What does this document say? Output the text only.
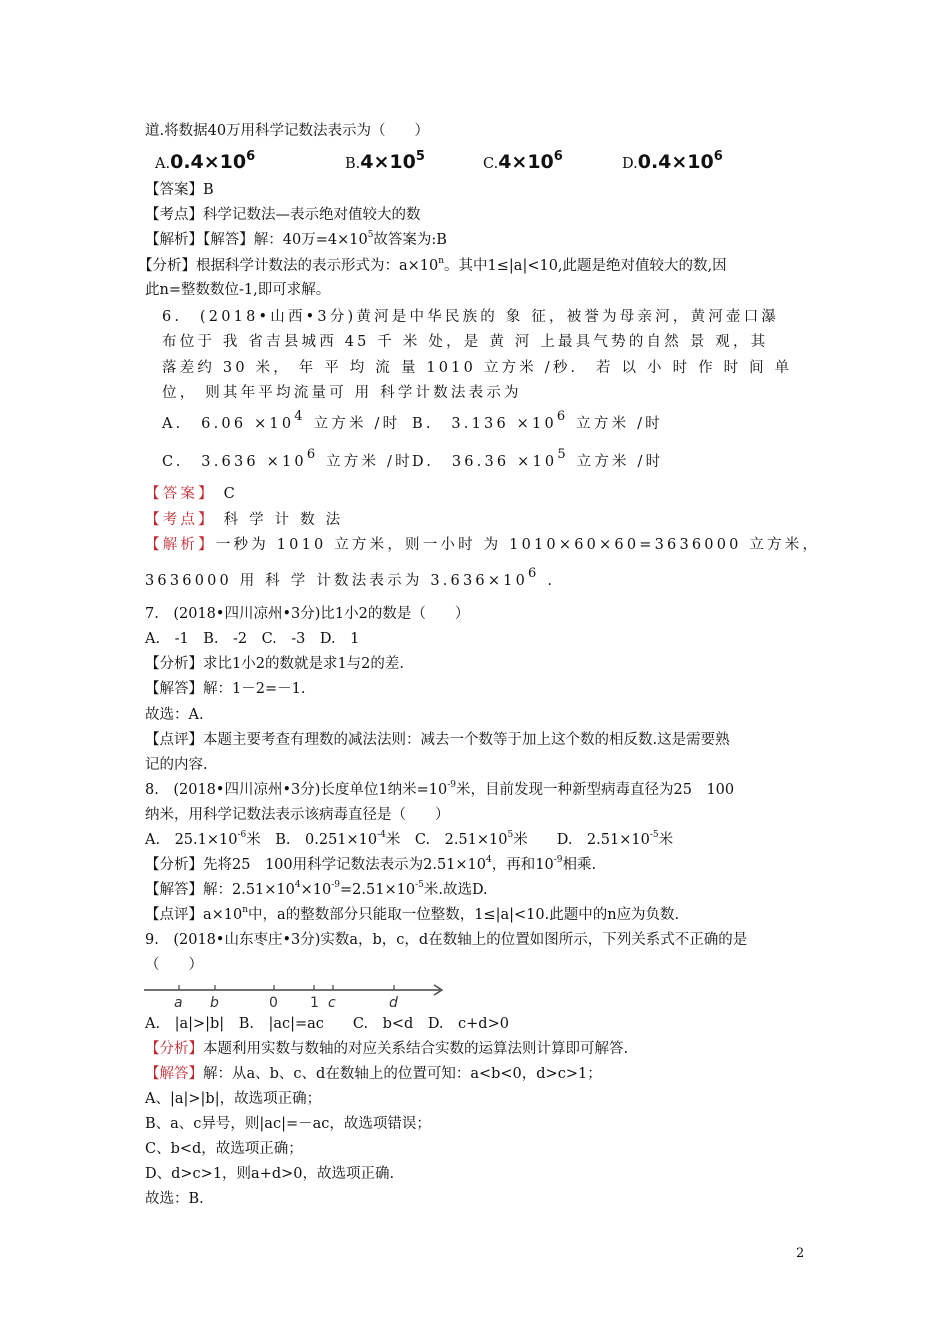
道.将数据40万用科学记数法表示为（　　）
$A.0.4\times 10^6$	$B.4\times 10^5$	$C.4\times 10^6$	$D.0.4\times 10^6$
【答案】B
【考点】科学记数法—表示绝对值较大的数
【解析】【解答】解：40万$=4\times 10^5$故答案为:B
【分析】根据科学计数法的表示形式为：$a\times 10^n$。其中1≤|a|<10,此题是绝对值较大的数,因
此n=整数数位-1,即可求解。
6.　(2018•山西•3分)黄河是中华民族的 象 征，被誉为母亲河，黄河壶口瀑
布位于 我 省吉县城西 45 千 米 处，是 黄 河 上最具气势的自然 景 观，其
落差约 30 米， 年 平 均 流 量 1010 立方米 /秒． 若 以 小 时 作 时 间 单
位， 则其年平均流量可 用 科学计数法表示为
A.　6.06 ×104 立方米 /时 B.　3.136 ×106 立方米 /时
C.　3.636 ×106 立方米 /时 D.　36.36 ×105 立方米 /时
【答案】 C
【考点】 科 学 计 数 法
【解析】一秒为 1010 立方米，则一小时 为 1010×60×60=3636000 立方米，
3636000 用 科 学 计数法表示为 3.636×106 .
7.　(2018•四川凉州•3分)比1小2的数是（　　）
A.　-1　B.　-2　C.　-3　D.　1
【分析】求比1小2的数就是求1与2的差.
【解答】解：1－2=－1.
故选：A.
【点评】本题主要考查有理数的减法法则：减去一个数等于加上这个数的相反数.这是需要熟
记的内容.
8.　(2018•四川凉州•3分)长度单位1纳米$=10^{-9}$米，目前发现一种新型病毒直径为25　100
纳米，用科学记数法表示该病毒直径是（　　）
A.　$25.1\times 10^{-6}$米　B.　$0.251\times 10^{-4}$米　C.　$2.51\times 10^5$米　　D.　$2.51\times 10^{-5}$米
【分析】先将25　100用科学记数法表示为$2.51\times 10^4$，再和$10^{-9}$相乘.
【解答】解：$2.51\times 10^4\times 10^{-9}=2.51\times 10^{-5}$米.故选D.
【点评】$a\times 10^n$中，a的整数部分只能取一位整数，1≤|a|<10.此题中的n应为负数.
9.　(2018•山东枣庄•3分)实数a，b，c，d在数轴上的位置如图所示，下列关系式不正确的是
（　　）
a b	0 1 c	d
A.　|a|>|b|　B.　|ac|=ac　　C.　b<d　D.　c+d>0
【分析】本题利用实数与数轴的对应关系结合实数的运算法则计算即可解答.
【解答】解：从a、b、c、d在数轴上的位置可知：a<b<0，d>c>1；
A、|a|>|b|，故选项正确；
B、a、c异号，则|ac|=－ac，故选项错误；
C、b<d，故选项正确；
D、d>c>1，则a+d>0，故选项正确.
故选：B.
2
